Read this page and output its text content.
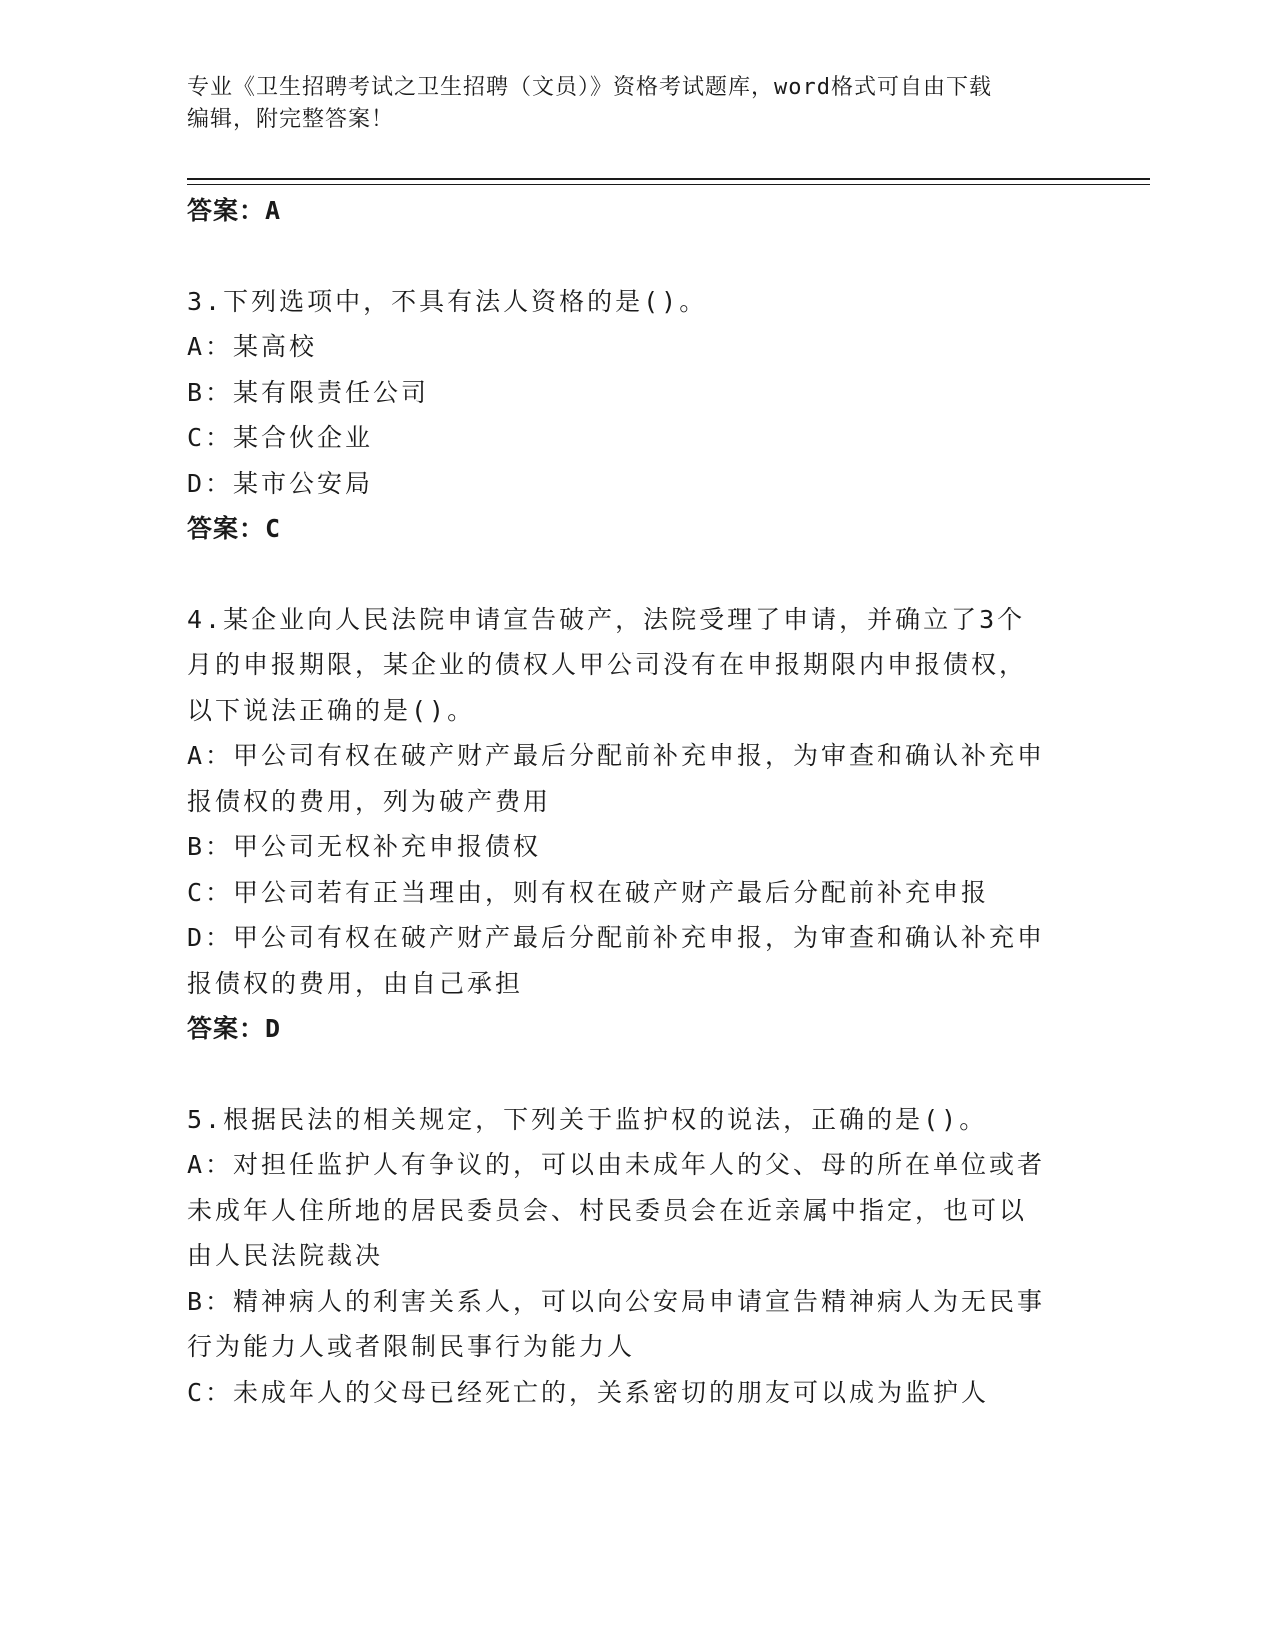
专业《卫生招聘考试之卫生招聘（文员）》资格考试题库，word格式可自由下载

编辑，附完整答案！

答案：A

3.下列选项中，不具有法人资格的是()。

A：某高校

B：某有限责任公司

C：某合伙企业

D：某市公安局

答案：C

4.某企业向人民法院申请宣告破产，法院受理了申请，并确立了3个

月的申报期限，某企业的债权人甲公司没有在申报期限内申报债权，

以下说法正确的是()。

A：甲公司有权在破产财产最后分配前补充申报，为审查和确认补充申

报债权的费用，列为破产费用

B：甲公司无权补充申报债权

C：甲公司若有正当理由，则有权在破产财产最后分配前补充申报

D：甲公司有权在破产财产最后分配前补充申报，为审查和确认补充申

报债权的费用，由自己承担

答案：D

5.根据民法的相关规定，下列关于监护权的说法，正确的是()。

A：对担任监护人有争议的，可以由未成年人的父、母的所在单位或者

未成年人住所地的居民委员会、村民委员会在近亲属中指定，也可以

由人民法院裁决

B：精神病人的利害关系人，可以向公安局申请宣告精神病人为无民事

行为能力人或者限制民事行为能力人

C：未成年人的父母已经死亡的，关系密切的朋友可以成为监护人
